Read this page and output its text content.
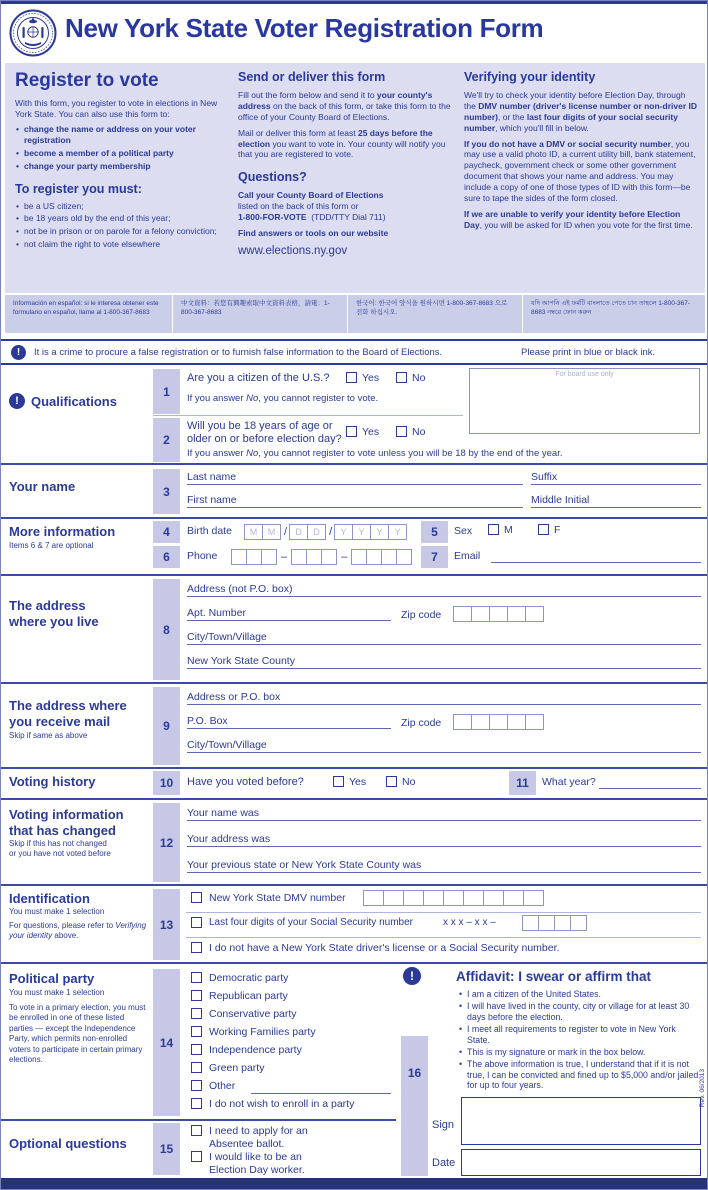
New York State Voter Registration Form
Register to vote

With this form, you register to vote in elections in New York State. You can also use this form to:

• change the name or address on your voter registration
• become a member of a political party
• change your party membership
To register you must:
• be a US citizen;
• be 18 years old by the end of this year;
• not be in prison or on parole for a felony conviction;
• not claim the right to vote elsewhere
Send or deliver this form

Fill out the form below and send it to your county's address on the back of this form, or take this form to the office of your County Board of Elections.

Mail or deliver this form at least 25 days before the election you want to vote in. Your county will notify you that you are registered to vote.

Questions?

Call your County Board of Elections
listed on the back of this form or
1-800-FOR-VOTE (TDD/TTY Dial 711)

Find answers or tools on our website

www.elections.ny.gov

Verifying your identity

We'll try to check your identity before Election Day, through the DMV number (driver's license number or non-driver ID number), or the last four digits of your social security number, which you'll fill in below.

If you do not have a DMV or social security number, you may use a valid photo ID, a current utility bill, bank statement, paycheck, government check or some other government document that shows your name and address. You may include a copy of one of those types of ID with this form—be sure to tape the sides of the form closed.

If we are unable to verify your identity before Election Day, you will be asked for ID when you vote for the first time.

Información en español: si le interesa obtener este formulario en español, llame al 1-800-367-8683
中文資料：若您有興趣索取中文資料表格，請電：1-800-367-8683
한국어: 한국어 양식을 원하시면 1-800-367-8683 으로 전화 하십시오.
যদি আপনি এই ফর্মটি বাংলাতে পেতে চান তাহলে 1-800-367-8683 নম্বরে ফোন করুন
!	It is a crime to procure a false registration or to furnish false information to the Board of Elections.	Please print in blue or black ink.
! Qualifications
1
Are you a citizen of the U.S.?	Yes	No
If you answer No, you cannot register to vote.
For board use only
2
Will you be 18 years of age or
older on or before election day?
Yes	No
If you answer No, you cannot register to vote unless you will be 18 by the end of the year.
Your name	3
Last name	Suffix
First name	Middle Initial
More information
Items 6 & 7 are optional
4 Birth date	M	M /	D	D /	Y	Y	Y	Y	5 Sex	M	F
6 Phone – –	7 Email
The address
where you live
8
Address (not P.O. box)
Apt. Number	Zip code
City/Town/Village
New York State County
The address where
you receive mail
Skip if same as above
9
Address or P.O. box
P.O. Box	Zip code
City/Town/Village
Voting history	10 Have you voted before?	Yes	No	11 What year?
Voting information
that has changed
Skip if this has not changed
or you have not voted before
12
Your name was
Your address was
Your previous state or New York State County was
Identification
You must make 1 selection
For questions, please refer to Verifying your identity above.
13
New York State DMV number
Last four digits of your Social Security number	x x x – x x –
I do not have a New York State driver's license or a Social Security number.
Political party
You must make 1 selection
To vote in a primary election, you must be enrolled in one of these listed parties — except the Independence Party, which permits non-enrolled voters to participate in certain primary elections.
14
Democratic party
Republican party
Conservative party
Working Families party
Independence party
Green party
Other
I do not wish to enroll in a party
!	Affidavit: I swear or affirm that
• I am a citizen of the United States.
• I will have lived in the county, city or village for at least 30 days before the election.
• I meet all requirements to register to vote in New York State.
• This is my signature or mark in the box below.
• The above information is true, I understand that if it is not true, I can be convicted and fined up to $5,000 and/or jailed for up to four years.
16
Sign
Date
Optional questions	15
I need to apply for an Absentee ballot.
I would like to be an Election Day worker.
Rev. 06/2013
